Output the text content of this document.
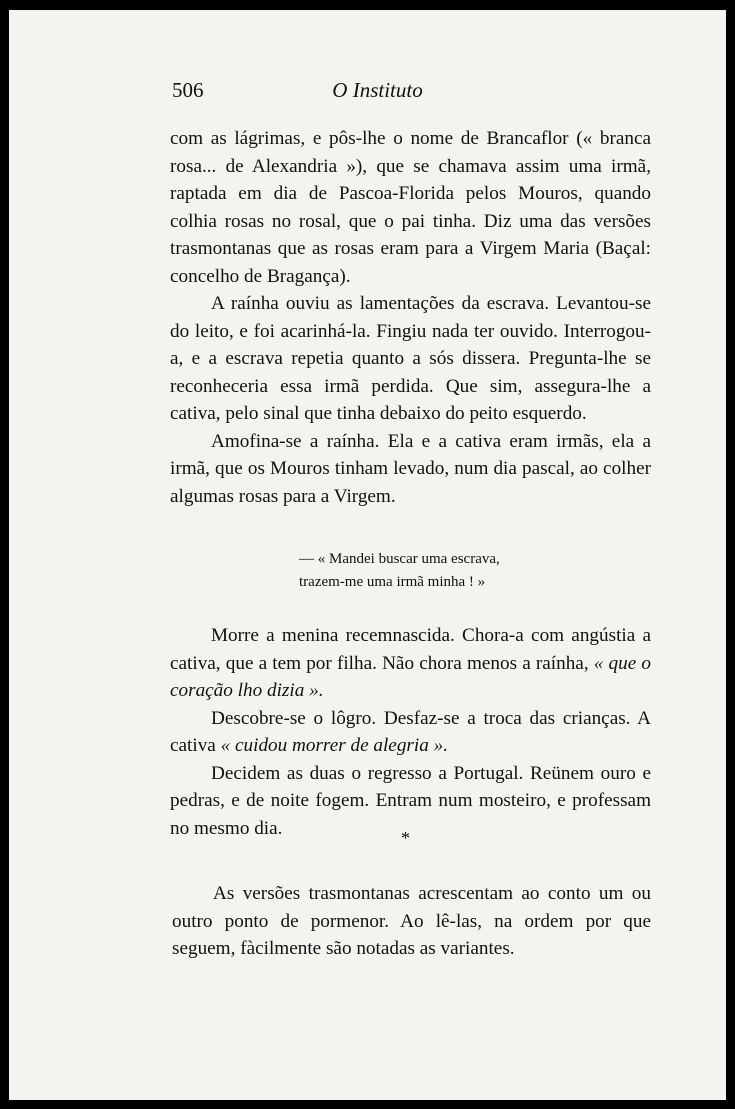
506	O Instituto

com as lágrimas, e pôs-lhe o nome de Brancaflor (« branca rosa... de Alexandria »), que se chamava assim uma irmã, raptada em dia de Pascoa-Florida pelos Mouros, quando colhia rosas no rosal, que o pai tinha. Diz uma das versões trasmontanas que as rosas eram para a Virgem Maria (Baçal: concelho de Bragança).

A raínha ouviu as lamentações da escrava. Levantou-se do leito, e foi acarinhá-la. Fingiu nada ter ouvido. Interrogou-a, e a escrava repetia quanto a sós dissera. Pregunta-lhe se reconheceria essa irmã perdida. Que sim, assegura-lhe a cativa, pelo sinal que tinha debaixo do peito esquerdo.

Amofina-se a raínha. Ela e a cativa eram irmãs, ela a irmã, que os Mouros tinham levado, num dia pascal, ao colher algumas rosas para a Virgem.

— « Mandei buscar uma escrava,
trazem-me uma irmã minha ! »

Morre a menina recemnascida. Chora-a com angústia a cativa, que a tem por filha. Não chora menos a raínha, « que o coração lho dizia ».

Descobre-se o lôgro. Desfaz-se a troca das crianças. A cativa « cuidou morrer de alegria ».

Decidem as duas o regresso a Portugal. Reünem ouro e pedras, e de noite fogem. Entram num mosteiro, e professam no mesmo dia.	*

As versões trasmontanas acrescentam ao conto um ou outro ponto de pormenor. Ao lê-las, na ordem por que seguem, fàcilmente são notadas as variantes.
